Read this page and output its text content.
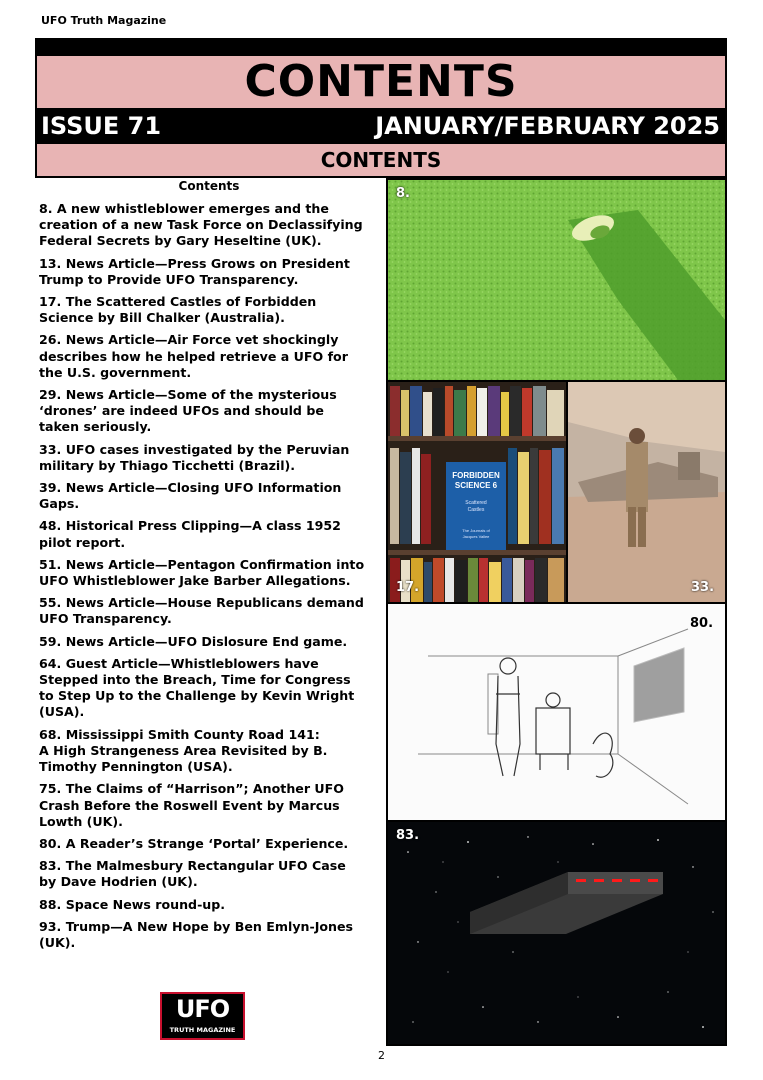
UFO Truth Magazine
CONTENTS
ISSUE 71	JANUARY/FEBRUARY 2025
CONTENTS
Contents
8. A new whistleblower emerges and the
creation of a new Task Force on Declassifying
Federal Secrets by Gary Heseltine (UK).
13. News Article—Press Grows on President
Trump to Provide UFO Transparency.
17. The Scattered Castles of Forbidden
Science by Bill Chalker (Australia).
26. News Article—Air Force vet shockingly
describes how he helped retrieve a UFO for
the U.S. government.
29. News Article—Some of the mysterious
‘drones’ are indeed UFOs and should be
taken seriously.
33. UFO cases investigated by the Peruvian
military by Thiago Ticchetti (Brazil).
39. News Article—Closing UFO Information
Gaps.
48. Historical Press Clipping—A class 1952
pilot report.
51. News Article—Pentagon Confirmation into
UFO Whistleblower Jake Barber Allegations.
55. News Article—House Republicans demand
UFO Transparency.
59. News Article—UFO Dislosure End game.
64. Guest Article—Whistleblowers have
Stepped into the Breach, Time for Congress
to Step Up to the Challenge by Kevin Wright
(USA).
68. Mississippi Smith County Road 141:
A High Strangeness Area Revisited by B.
Timothy Pennington (USA).
75. The Claims of “Harrison”; Another UFO
Crash Before the Roswell Event by Marcus
Lowth (UK).
80. A Reader’s Strange ‘Portal’ Experience.
83. The Malmesbury Rectangular UFO Case
by Dave Hodrien (UK).
88. Space News round-up.
93. Trump—A New Hope by Ben Emlyn-Jones
(UK).
UFO
TRUTH MAGAZINE
8.
FORBIDDEN
SCIENCE 6
Scattered
Castles
The Journals of
Jacques Vallee
17.	33.
80.
83.
2
